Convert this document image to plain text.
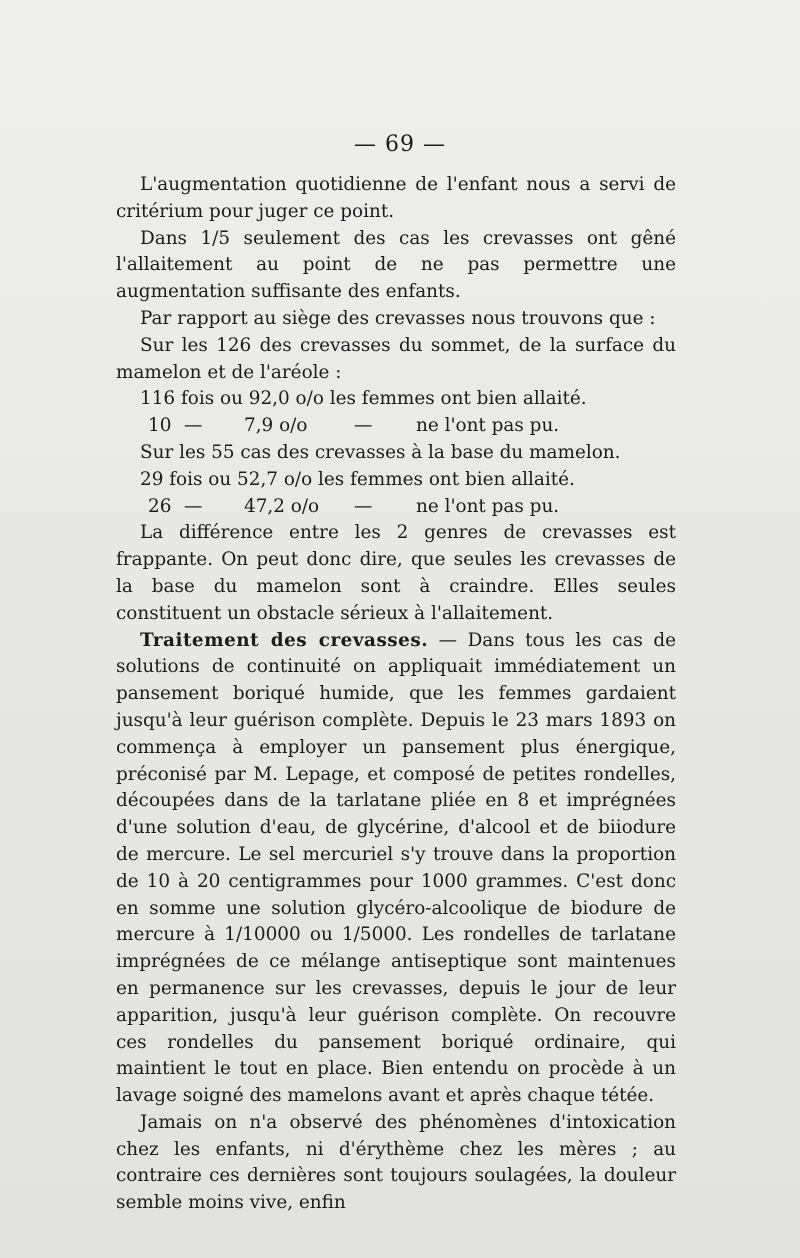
— 69 —

L'augmentation quotidienne de l'enfant nous a servi de critérium pour juger ce point.

Dans 1/5 seulement des cas les crevasses ont gêné l'allaitement au point de ne pas permettre une augmentation suffisante des enfants.

Par rapport au siège des crevasses nous trouvons que :

Sur les 126 des crevasses du sommet, de la surface du mamelon et de l'aréole :

116 fois ou 92,0 o/o les femmes ont bien allaité.
10 —	7,9 o/o	—	ne l'ont pas pu.

Sur les 55 cas des crevasses à la base du mamelon.

29 fois ou 52,7 o/o les femmes ont bien allaité.
26 —	47,2 o/o	—	ne l'ont pas pu.

La différence entre les 2 genres de crevasses est frappante. On peut donc dire, que seules les crevasses de la base du mamelon sont à craindre. Elles seules constituent un obstacle sérieux à l'allaitement.

Traitement des crevasses. — Dans tous les cas de solutions de continuité on appliquait immédiatement un pansement boriqué humide, que les femmes gardaient jusqu'à leur guérison complète. Depuis le 23 mars 1893 on commença à employer un pansement plus énergique, préconisé par M. Lepage, et composé de petites rondelles, découpées dans de la tarlatane pliée en 8 et imprégnées d'une solution d'eau, de glycérine, d'alcool et de biiodure de mercure. Le sel mercuriel s'y trouve dans la proportion de 10 à 20 centigrammes pour 1000 grammes. C'est donc en somme une solution glycéro-alcoolique de biodure de mercure à 1/10000 ou 1/5000. Les rondelles de tarlatane imprégnées de ce mélange antiseptique sont maintenues en permanence sur les crevasses, depuis le jour de leur apparition, jusqu'à leur guérison complète. On recouvre ces rondelles du pansement boriqué ordinaire, qui maintient le tout en place. Bien entendu on procède à un lavage soigné des mamelons avant et après chaque tétée.

Jamais on n'a observé des phénomènes d'intoxication chez les enfants, ni d'érythème chez les mères ; au contraire ces dernières sont toujours soulagées, la douleur semble moins vive, enfin
